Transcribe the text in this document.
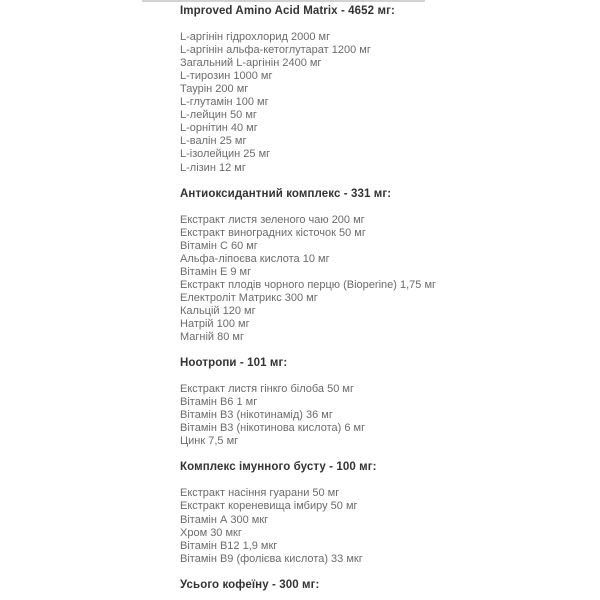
Improved Amino Acid Matrix - 4652 мг:
L-аргінін гідрохлорид 2000 мг
L-аргінін альфа-кетоглутарат 1200 мг
Загальний L-аргінін 2400 мг
L-тирозин 1000 мг
Таурін 200 мг
L-глутамін 100 мг
L-лейцин 50 мг
L-орнітин 40 мг
L-валін 25 мг
L-ізолейцин 25 мг
L-лізин 12 мг
Антиоксидантний комплекс - 331 мг:
Екстракт листя зеленого чаю 200 мг
Екстракт виноградних кісточок 50 мг
Вітамін С 60 мг
Альфа-ліпоєва кислота 10 мг
Вітамін Е 9 мг
Екстракт плодів чорного перцю (Bioperine) 1,75 мг
Електроліт Матрикс 300 мг
Кальцій 120 мг
Натрій 100 мг
Магній 80 мг
Ноотропи - 101 мг:
Екстракт листя гінкго білоба 50 мг
Вітамін В6 1 мг
Вітамін В3 (нікотинамід) 36 мг
Вітамін В3 (нікотинова кислота) 6 мг
Цинк 7,5 мг
Комплекс імунного бусту - 100 мг:
Екстракт насіння гуарани 50 мг
Екстракт кореневища імбиру 50 мг
Вітамін А 300 мкг
Хром 30 мкг
Вітамін В12 1,9 мкг
Вітамін В9 (фолієва кислота) 33 мкг
Усього кофеїну - 300 мг:
